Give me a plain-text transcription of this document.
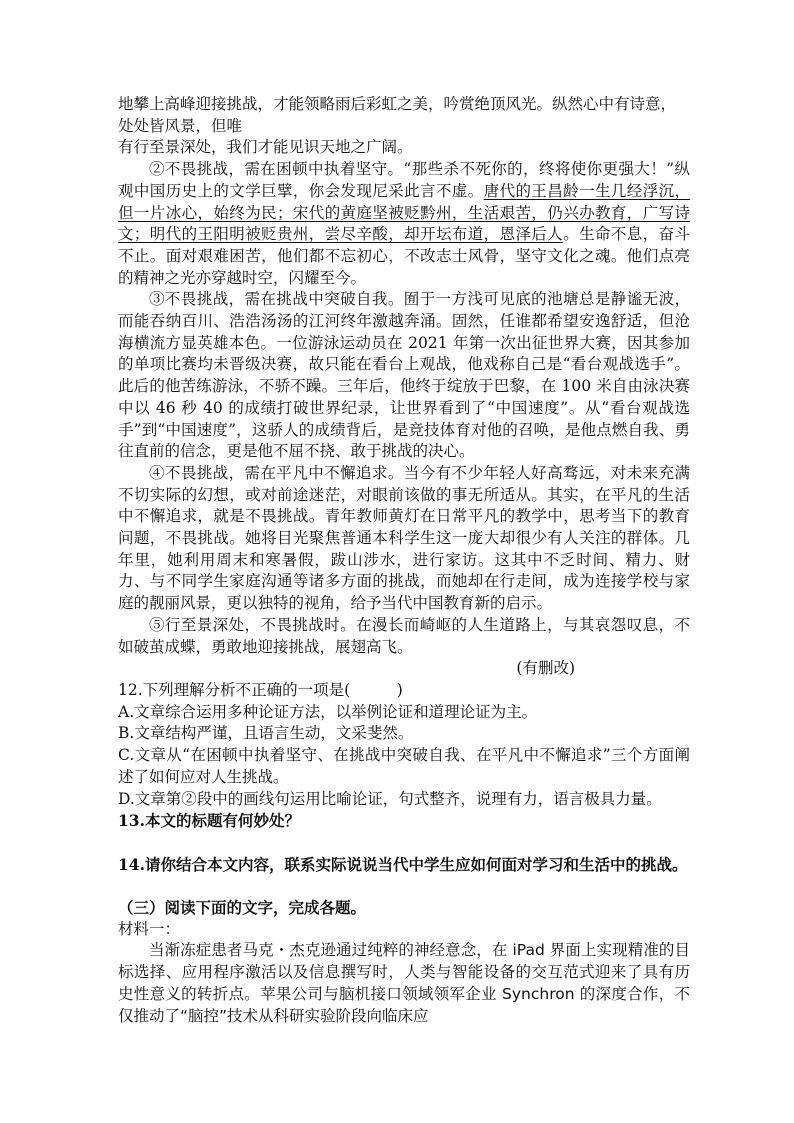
地攀上高峰迎接挑战，才能领略雨后彩虹之美，吟赏绝顶风光。纵然心中有诗意，

处处皆风景，但唯

有行至景深处，我们才能见识天地之广阔。

②不畏挑战，需在困顿中执着坚守。“那些杀不死你的，终将使你更强大！”纵观中国历史上的文学巨擘，你会发现尼采此言不虚。唐代的王昌龄一生几经浮沉，但一片冰心，始终为民；宋代的黄庭坚被贬黔州，生活艰苦，仍兴办教育，广写诗文；明代的王阳明被贬贵州，尝尽辛酸，却开坛布道，恩泽后人。生命不息，奋斗不止。面对艰难困苦，他们都不忘初心，不改志士风骨，坚守文化之魂。他们点亮的精神之光亦穿越时空，闪耀至今。

③不畏挑战，需在挑战中突破自我。囿于一方浅可见底的池塘总是静谧无波，而能吞纳百川、浩浩汤汤的江河终年激越奔涌。固然，任谁都希望安逸舒适，但沧海横流方显英雄本色。一位游泳运动员在 2021 年第一次出征世界大赛，因其参加的单项比赛均未晋级决赛，故只能在看台上观战，他戏称自己是“看台观战选手”。此后的他苦练游泳，不骄不躁。三年后，他终于绽放于巴黎，在 100 米自由泳决赛中以 46 秒 40 的成绩打破世界纪录，让世界看到了“中国速度”。从“看台观战选手”到“中国速度”，这骄人的成绩背后，是竞技体育对他的召唤，是他点燃自我、勇往直前的信念，更是他不屈不挠、敢于挑战的决心。

④不畏挑战，需在平凡中不懈追求。当今有不少年轻人好高骛远，对未来充满不切实际的幻想，或对前途迷茫，对眼前该做的事无所适从。其实，在平凡的生活中不懈追求，就是不畏挑战。青年教师黄灯在日常平凡的教学中，思考当下的教育问题，不畏挑战。她将目光聚焦普通本科学生这一庞大却很少有人关注的群体。几年里，她利用周末和寒暑假，跋山涉水，进行家访。这其中不乏时间、精力、财力、与不同学生家庭沟通等诸多方面的挑战，而她却在行走间，成为连接学校与家庭的靓丽风景，更以独特的视角，给予当代中国教育新的启示。

⑤行至景深处，不畏挑战时。在漫长而崎岖的人生道路上，与其哀怨叹息，不如破茧成蝶，勇敢地迎接挑战，展翅高飞。

(有删改)

12.下列理解分析不正确的一项是(　　　)

A.文章综合运用多种论证方法，以举例论证和道理论证为主。

B.文章结构严谨，且语言生动，文采斐然。

C.文章从“在困顿中执着坚守、在挑战中突破自我、在平凡中不懈追求”三个方面阐述了如何应对人生挑战。

D.文章第②段中的画线句运用比喻论证，句式整齐，说理有力，语言极具力量。

13.本文的标题有何妙处？

14.请你结合本文内容，联系实际说说当代中学生应如何面对学习和生活中的挑战。

（三）阅读下面的文字，完成各题。

材料一：

当渐冻症患者马克・杰克逊通过纯粹的神经意念，在 iPad 界面上实现精准的目标选择、应用程序激活以及信息撰写时，人类与智能设备的交互范式迎来了具有历史性意义的转折点。苹果公司与脑机接口领域领军企业 Synchron 的深度合作，不仅推动了“脑控”技术从科研实验阶段向临床应
